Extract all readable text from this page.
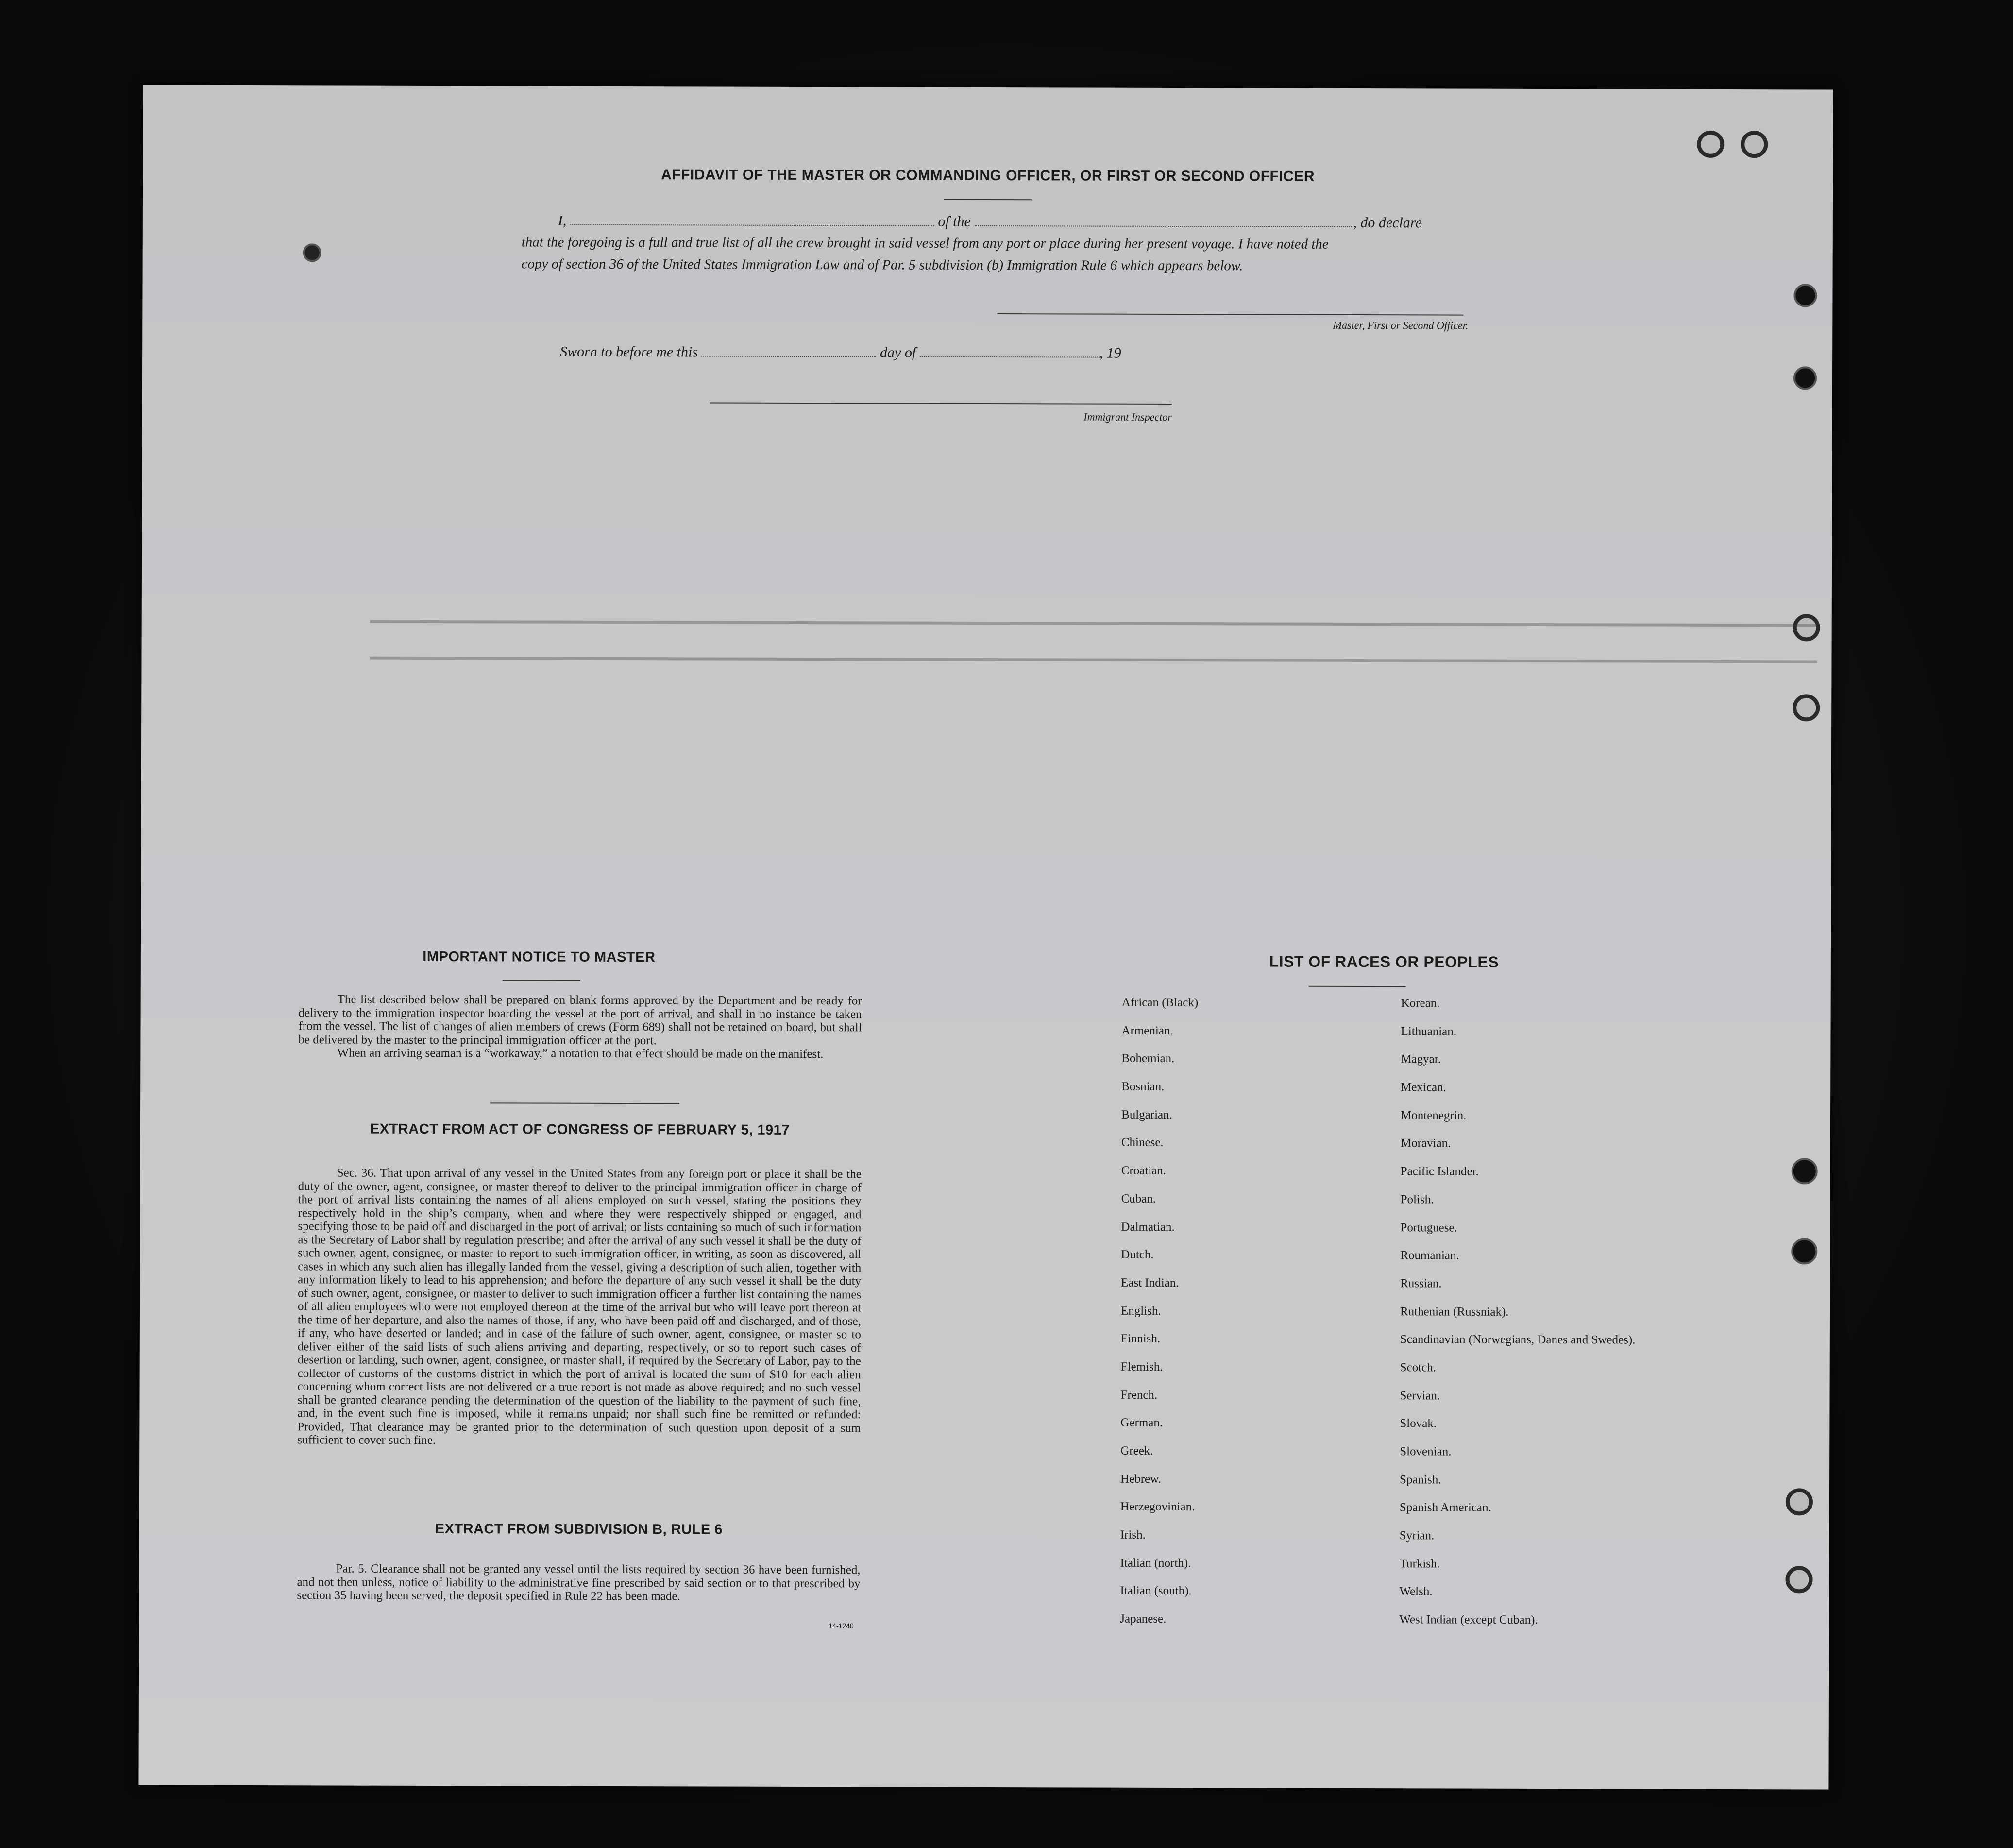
AFFIDAVIT OF THE MASTER OR COMMANDING OFFICER, OR FIRST OR SECOND OFFICER
I,	of the	, do declare
that the foregoing is a full and true list of all the crew brought in said vessel from any port or place during her present voyage. I have noted the
copy of section 36 of the United States Immigration Law and of Par. 5 subdivision (b) Immigration Rule 6 which appears below.
Master, First or Second Officer.
Sworn to before me this	day of	, 19
Immigrant Inspector
IMPORTANT NOTICE TO MASTER

The list described below shall be prepared on blank forms approved by the Department and be ready for delivery to the immigration inspector boarding the vessel at the port of arrival, and shall in no instance be taken from the vessel. The list of changes of alien members of crews (Form 689) shall not be retained on board, but shall be delivered by the master to the principal immigration officer at the port.

When an arriving seaman is a “workaway,” a notation to that effect should be made on the manifest.

EXTRACT FROM ACT OF CONGRESS OF FEBRUARY 5, 1917

Sec. 36. That upon arrival of any vessel in the United States from any foreign port or place it shall be the duty of the owner, agent, consignee, or master thereof to deliver to the principal immigration officer in charge of the port of arrival lists containing the names of all aliens employed on such vessel, stating the positions they respectively hold in the ship’s company, when and where they were respectively shipped or engaged, and specifying those to be paid off and discharged in the port of arrival; or lists containing so much of such information as the Secretary of Labor shall by regulation prescribe; and after the arrival of any such vessel it shall be the duty of such owner, agent, consignee, or master to report to such immigration officer, in writing, as soon as discovered, all cases in which any such alien has illegally landed from the vessel, giving a description of such alien, together with any information likely to lead to his apprehension; and before the departure of any such vessel it shall be the duty of such owner, agent, consignee, or master to deliver to such immigration officer a further list containing the names of all alien employees who were not employed thereon at the time of the arrival but who will leave port thereon at the time of her departure, and also the names of those, if any, who have been paid off and discharged, and of those, if any, who have deserted or landed; and in case of the failure of such owner, agent, consignee, or master so to deliver either of the said lists of such aliens arriving and departing, respectively, or so to report such cases of desertion or landing, such owner, agent, consignee, or master shall, if required by the Secretary of Labor, pay to the collector of customs of the customs district in which the port of arrival is located the sum of $10 for each alien concerning whom correct lists are not delivered or a true report is not made as above required; and no such vessel shall be granted clearance pending the determination of the question of the liability to the payment of such fine, and, in the event such fine is imposed, while it remains unpaid; nor shall such fine be remitted or refunded: Provided, That clearance may be granted prior to the determination of such question upon deposit of a sum sufficient to cover such fine.

EXTRACT FROM SUBDIVISION B, RULE 6

Par. 5. Clearance shall not be granted any vessel until the lists required by section 36 have been furnished, and not then unless, notice of liability to the administrative fine prescribed by said section or to that prescribed by section 35 having been served, the deposit specified in Rule 22 has been made.

14-1240
LIST OF RACES OR PEOPLES
African (Black)
Armenian.
Bohemian.
Bosnian.
Bulgarian.
Chinese.
Croatian.
Cuban.
Dalmatian.
Dutch.
East Indian.
English.
Finnish.
Flemish.
French.
German.
Greek.
Hebrew.
Herzegovinian.
Irish.
Italian (north).
Italian (south).
Japanese.
Korean.
Lithuanian.
Magyar.
Mexican.
Montenegrin.
Moravian.
Pacific Islander.
Polish.
Portuguese.
Roumanian.
Russian.
Ruthenian (Russniak).
Scandinavian (Norwegians, Danes and Swedes).
Scotch.
Servian.
Slovak.
Slovenian.
Spanish.
Spanish American.
Syrian.
Turkish.
Welsh.
West Indian (except Cuban).
